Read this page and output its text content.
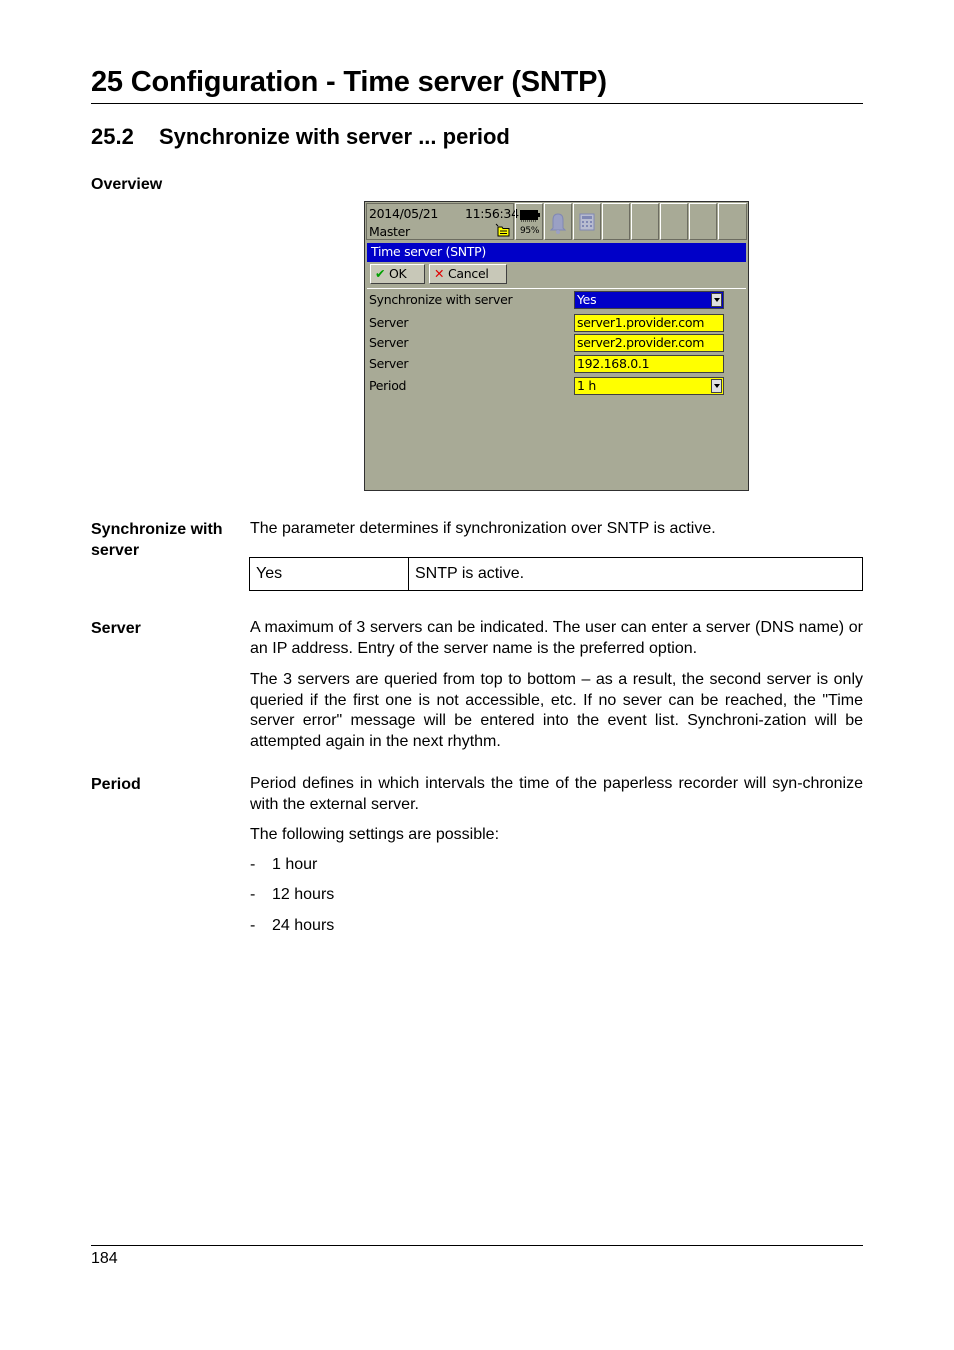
25 Configuration - Time server (SNTP)
25.2 Synchronize with server ... period
Overview
2014/05/21 11:56:34
Master	95%
Time server (SNTP)
✔ OK	✕ Cancel
Synchronize with server	Yes
Server	server1.provider.com
Server	server2.provider.com
Server	192.168.0.1
Period	1 h
Synchronize with server
The parameter determines if synchronization over SNTP is active.
Yes	SNTP is active.
Server	A maximum of 3 servers can be indicated. The user can enter a server (DNS name) or an IP address. Entry of the server name is the preferred option.
The 3 servers are queried from top to bottom – as a result, the second server is only queried if the first one is not accessible, etc. If no sever can be reached, the "Time server error" message will be entered into the event list. Synchroni-zation will be attempted again in the next rhythm.
Period	Period defines in which intervals the time of the paperless recorder will syn-chronize with the external server.
The following settings are possible:
- 1 hour
- 12 hours
- 24 hours
184
